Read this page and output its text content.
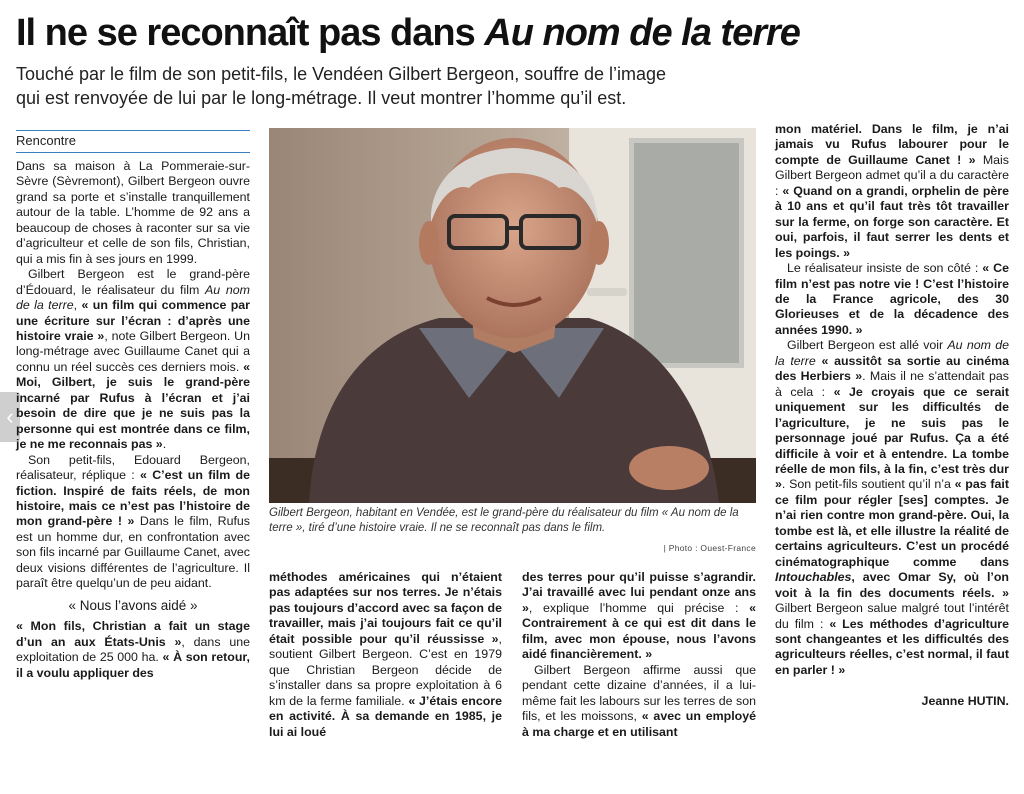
Il ne se reconnaît pas dans Au nom de la terre
Touché par le film de son petit-fils, le Vendéen Gilbert Bergeon, souffre de l’image
qui est renvoyée de lui par le long-métrage. Il veut montrer l’homme qu’il est.
‹
Rencontre

Dans sa maison à La Pommeraie-sur-Sèvre (Sèvremont), Gilbert Bergeon ouvre grand sa porte et s’installe tranquillement autour de la table. L’homme de 92 ans a beaucoup de choses à raconter sur sa vie d’agriculteur et celle de son fils, Christian, qui a mis fin à ses jours en 1999.

Gilbert Bergeon est le grand-père d’Édouard, le réalisateur du film Au nom de la terre, « un film qui commence par une écriture sur l’écran : d’après une histoire vraie », note Gilbert Bergeon. Un long-métrage avec Guillaume Canet qui a connu un réel succès ces derniers mois. « Moi, Gilbert, je suis le grand-père incarné par Rufus à l’écran et j’ai besoin de dire que je ne suis pas la personne qui est montrée dans ce film, je ne me reconnais pas ».

Son petit-fils, Edouard Bergeon, réalisateur, réplique : « C’est un film de fiction. Inspiré de faits réels, de mon histoire, mais ce n’est pas l’histoire de mon grand-père ! » Dans le film, Rufus est un homme dur, en confrontation avec son fils incarné par Guillaume Canet, avec deux visions différentes de l’agriculture. Il paraît être quelqu’un de peu aidant.

« Nous l’avons aidé »

« Mon fils, Christian a fait un stage d’un an aux États-Unis », dans une exploitation de 25 000 ha. « À son retour, il a voulu appliquer des

Gilbert Bergeon, habitant en Vendée, est le grand-père du réalisateur du film « Au nom de la terre », tiré d’une histoire vraie. Il ne se reconnaît pas dans le film.
| Photo : Ouest-France

méthodes américaines qui n’étaient pas adaptées sur nos terres. Je n’étais pas toujours d’accord avec sa façon de travailler, mais j’ai toujours fait ce qu’il était possible pour qu’il réussisse », soutient Gilbert Bergeon. C’est en 1979 que Christian Bergeon décide de s’installer dans sa propre exploitation à 6 km de la ferme familiale. « J’étais encore en activité. À sa demande en 1985, je lui ai loué

des terres pour qu’il puisse s’agrandir. J’ai travaillé avec lui pendant onze ans », explique l’homme qui précise : « Contrairement à ce qui est dit dans le film, avec mon épouse, nous l’avons aidé financièrement. »

Gilbert Bergeon affirme aussi que pendant cette dizaine d’années, il a lui-même fait les labours sur les terres de son fils, et les moissons, « avec un employé à ma charge et en utilisant

mon matériel. Dans le film, je n’ai jamais vu Rufus labourer pour le compte de Guillaume Canet ! » Mais Gilbert Bergeon admet qu’il a du caractère : « Quand on a grandi, orphelin de père à 10 ans et qu’il faut très tôt travailler sur la ferme, on forge son caractère. Et oui, parfois, il faut serrer les dents et les poings. »

Le réalisateur insiste de son côté : « Ce film n’est pas notre vie ! C’est l’histoire de la France agricole, des 30 Glorieuses et de la décadence des années 1990. »

Gilbert Bergeon est allé voir Au nom de la terre « aussitôt sa sortie au cinéma des Herbiers ». Mais il ne s’attendait pas à cela : « Je croyais que ce serait uniquement sur les difficultés de l’agriculture, je ne suis pas le personnage joué par Rufus. Ça a été difficile à voir et à entendre. La tombe réelle de mon fils, à la fin, c’est très dur ». Son petit-fils soutient qu’il n’a « pas fait ce film pour régler [ses] comptes. Je n’ai rien contre mon grand-père. Oui, la tombe est là, et elle illustre la réalité de certains agriculteurs. C’est un procédé cinématographique comme dans Intouchables, avec Omar Sy, où l’on voit à la fin des documents réels. » Gilbert Bergeon salue malgré tout l’intérêt du film : « Les méthodes d’agriculture sont changeantes et les difficultés des agriculteurs réelles, c’est normal, il faut en parler ! »

Jeanne HUTIN.
